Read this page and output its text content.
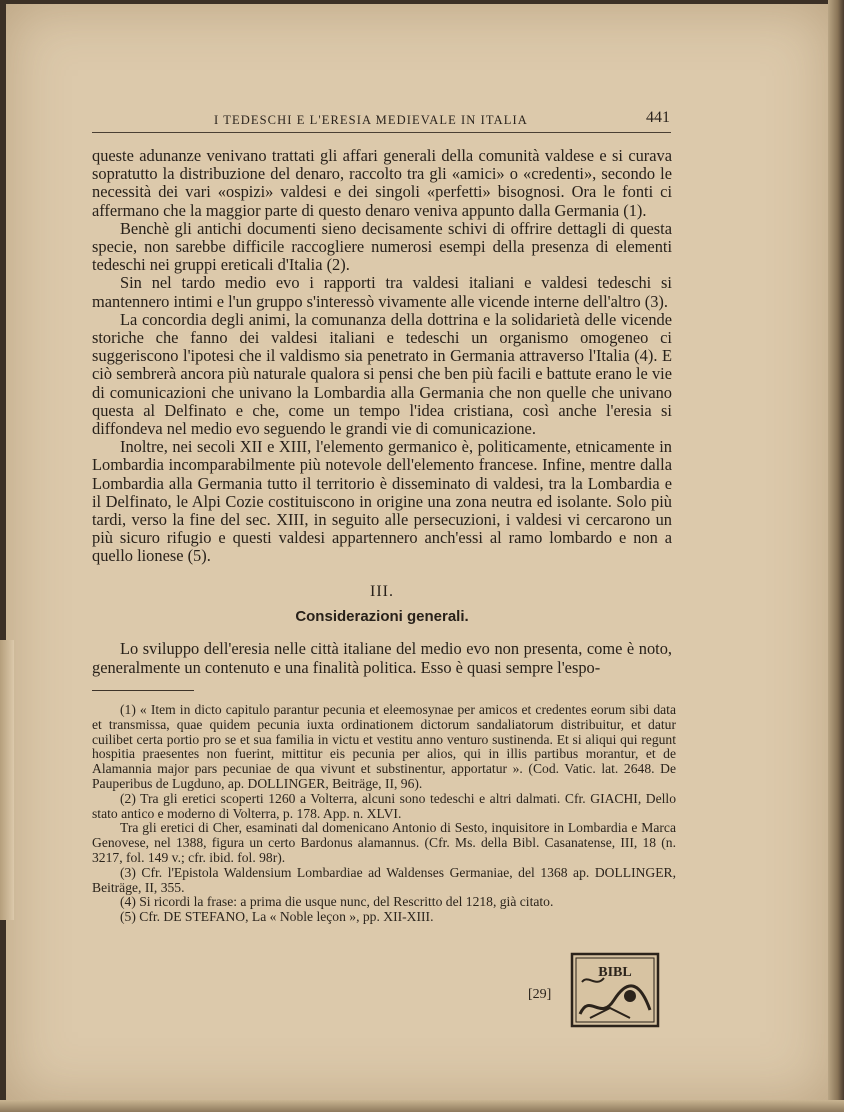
I TEDESCHI E L'ERESIA MEDIEVALE IN ITALIA	441

queste adunanze venivano trattati gli affari generali della comunità valdese e si curava sopratutto la distribuzione del denaro, raccolto tra gli «amici» o «credenti», secondo le necessità dei vari «ospizi» valdesi e dei singoli «perfetti» bisognosi. Ora le fonti ci affermano che la maggior parte di questo denaro veniva appunto dalla Germania (1).

Benchè gli antichi documenti sieno decisamente schivi di offrire dettagli di questa specie, non sarebbe difficile raccogliere numerosi esempi della presenza di elementi tedeschi nei gruppi ereticali d'Italia (2).

Sin nel tardo medio evo i rapporti tra valdesi italiani e valdesi tedeschi si mantennero intimi e l'un gruppo s'interessò vivamente alle vicende interne dell'altro (3).

La concordia degli animi, la comunanza della dottrina e la solidarietà delle vicende storiche che fanno dei valdesi italiani e tedeschi un organismo omogeneo ci suggeriscono l'ipotesi che il valdismo sia penetrato in Germania attraverso l'Italia (4). E ciò sembrerà ancora più naturale qualora si pensi che ben più facili e battute erano le vie di comunicazioni che univano la Lombardia alla Germania che non quelle che univano questa al Delfinato e che, come un tempo l'idea cristiana, così anche l'eresia si diffondeva nel medio evo seguendo le grandi vie di comunicazione.

Inoltre, nei secoli XII e XIII, l'elemento germanico è, politicamente, etnicamente in Lombardia incomparabilmente più notevole dell'elemento francese. Infine, mentre dalla Lombardia alla Germania tutto il territorio è disseminato di valdesi, tra la Lombardia e il Delfinato, le Alpi Cozie costituiscono in origine una zona neutra ed isolante. Solo più tardi, verso la fine del sec. XIII, in seguito alle persecuzioni, i valdesi vi cercarono un più sicuro rifugio e questi valdesi appartennero anch'essi al ramo lombardo e non a quello lionese (5).

III.
Considerazioni generali.

Lo sviluppo dell'eresia nelle città italiane del medio evo non presenta, come è noto, generalmente un contenuto e una finalità politica. Esso è quasi sempre l'espo-

(1) « Item in dicto capitulo parantur pecunia et eleemosynae per amicos et credentes eorum sibi data et transmissa, quae quidem pecunia iuxta ordinationem dictorum sandaliatorum distribuitur, et datur cuilibet certa portio pro se et sua familia in victu et vestitu anno venturo sustinenda. Et si aliqui qui regunt hospitia praesentes non fuerint, mittitur eis pecunia per alios, qui in illis partibus morantur, et de Alamannia major pars pecuniae de qua vivunt et substinentur, apportatur ». (Cod. Vatic. lat. 2648. De Pauperibus de Lugduno, ap. DOLLINGER, Beiträge, II, 96).

(2) Tra gli eretici scoperti 1260 a Volterra, alcuni sono tedeschi e altri dalmati. Cfr. GIACHI, Dello stato antico e moderno di Volterra, p. 178. App. n. XLVI.

Tra gli eretici di Cher, esaminati dal domenicano Antonio di Sesto, inquisitore in Lombardia e Marca Genovese, nel 1388, figura un certo Bardonus alamannus. (Cfr. Ms. della Bibl. Casanatense, III, 18 (n. 3217, fol. 149 v.; cfr. ibid. fol. 98r).

(3) Cfr. l'Epistola Waldensium Lombardiae ad Waldenses Germaniae, del 1368 ap. DOLLINGER, Beiträge, II, 355.

(4) Si ricordi la frase: a prima die usque nunc, del Rescritto del 1218, già citato.

(5) Cfr. DE STEFANO, La « Noble leçon », pp. XII-XIII.

[29]
BIBL
